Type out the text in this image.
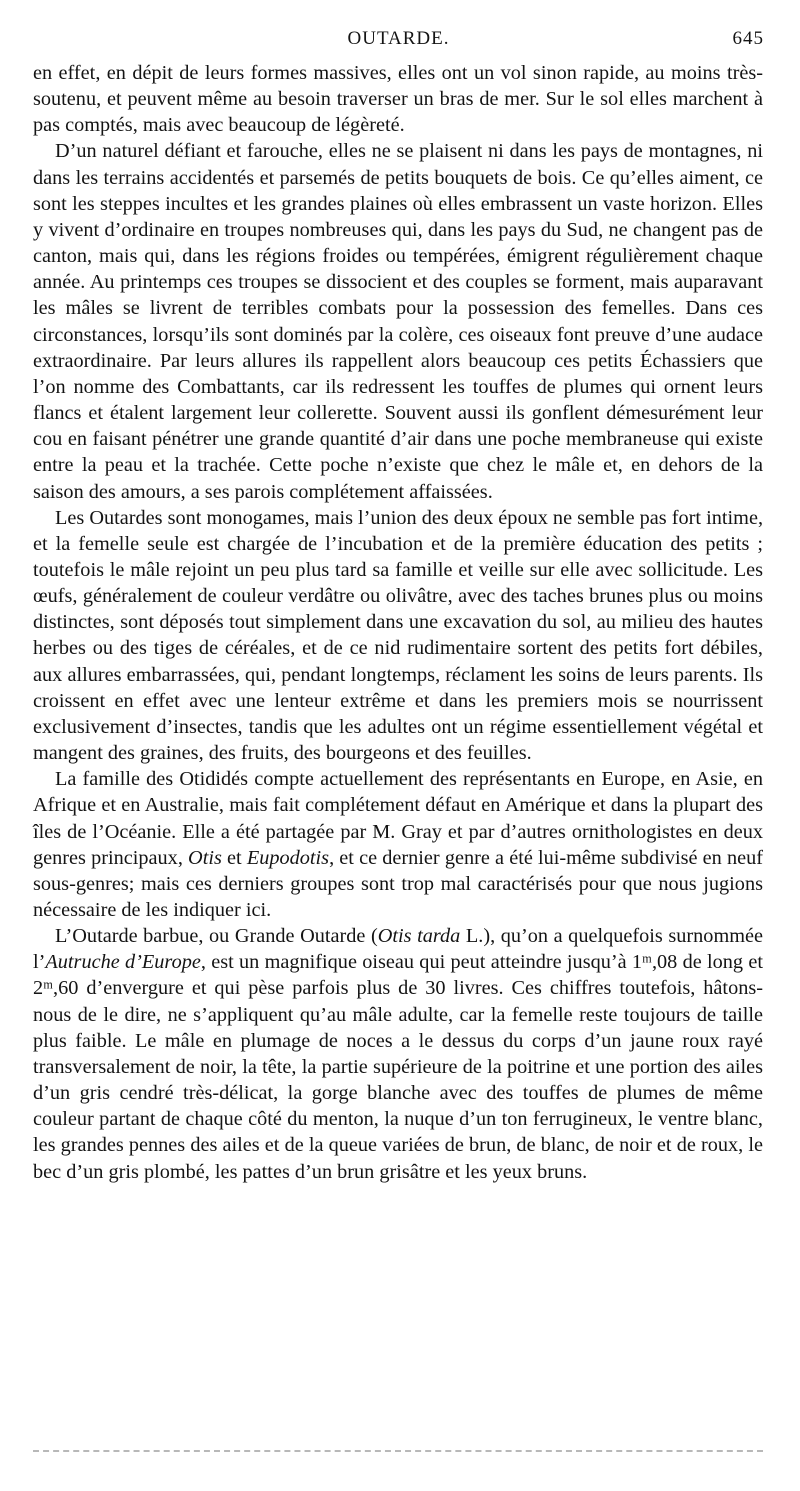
OUTARDE.	645

en effet, en dépit de leurs formes massives, elles ont un vol sinon rapide, au moins très-soutenu, et peuvent même au besoin traverser un bras de mer. Sur le sol elles marchent à pas comptés, mais avec beaucoup de légèreté.

D’un naturel défiant et farouche, elles ne se plaisent ni dans les pays de montagnes, ni dans les terrains accidentés et parsemés de petits bouquets de bois. Ce qu’elles aiment, ce sont les steppes incultes et les grandes plaines où elles embrassent un vaste horizon. Elles y vivent d’ordinaire en troupes nombreuses qui, dans les pays du Sud, ne changent pas de canton, mais qui, dans les régions froides ou tempérées, émigrent régulièrement chaque année. Au printemps ces troupes se dissocient et des couples se forment, mais auparavant les mâles se livrent de terribles combats pour la possession des femelles. Dans ces circonstances, lorsqu’ils sont dominés par la colère, ces oiseaux font preuve d’une audace extraordinaire. Par leurs allures ils rappellent alors beaucoup ces petits Échassiers que l’on nomme des Combattants, car ils redressent les touffes de plumes qui ornent leurs flancs et étalent largement leur collerette. Souvent aussi ils gonflent démesurément leur cou en faisant pénétrer une grande quantité d’air dans une poche membraneuse qui existe entre la peau et la trachée. Cette poche n’existe que chez le mâle et, en dehors de la saison des amours, a ses parois complétement affaissées.

Les Outardes sont monogames, mais l’union des deux époux ne semble pas fort intime, et la femelle seule est chargée de l’incubation et de la première éducation des petits ; toutefois le mâle rejoint un peu plus tard sa famille et veille sur elle avec sollicitude. Les œufs, généralement de couleur verdâtre ou olivâtre, avec des taches brunes plus ou moins distinctes, sont déposés tout simplement dans une excavation du sol, au milieu des hautes herbes ou des tiges de céréales, et de ce nid rudimentaire sortent des petits fort débiles, aux allures embarrassées, qui, pendant longtemps, réclament les soins de leurs parents. Ils croissent en effet avec une lenteur extrême et dans les premiers mois se nourrissent exclusivement d’insectes, tandis que les adultes ont un régime essentiellement végétal et mangent des graines, des fruits, des bourgeons et des feuilles.

La famille des Otididés compte actuellement des représentants en Europe, en Asie, en Afrique et en Australie, mais fait complétement défaut en Amérique et dans la plupart des îles de l’Océanie. Elle a été partagée par M. Gray et par d’autres ornithologistes en deux genres principaux, Otis et Eupodotis, et ce dernier genre a été lui-même subdivisé en neuf sous-genres; mais ces derniers groupes sont trop mal caractérisés pour que nous jugions nécessaire de les indiquer ici.

L’Outarde barbue, ou Grande Outarde (Otis tarda L.), qu’on a quelquefois surnommée l’Autruche d’Europe, est un magnifique oiseau qui peut atteindre jusqu’à 1ᵐ,08 de long et 2ᵐ,60 d’envergure et qui pèse parfois plus de 30 livres. Ces chiffres toutefois, hâtons-nous de le dire, ne s’appliquent qu’au mâle adulte, car la femelle reste toujours de taille plus faible. Le mâle en plumage de noces a le dessus du corps d’un jaune roux rayé transversalement de noir, la tête, la partie supérieure de la poitrine et une portion des ailes d’un gris cendré très-délicat, la gorge blanche avec des touffes de plumes de même couleur partant de chaque côté du menton, la nuque d’un ton ferrugineux, le ventre blanc, les grandes pennes des ailes et de la queue variées de brun, de blanc, de noir et de roux, le bec d’un gris plombé, les pattes d’un brun grisâtre et les yeux bruns.
